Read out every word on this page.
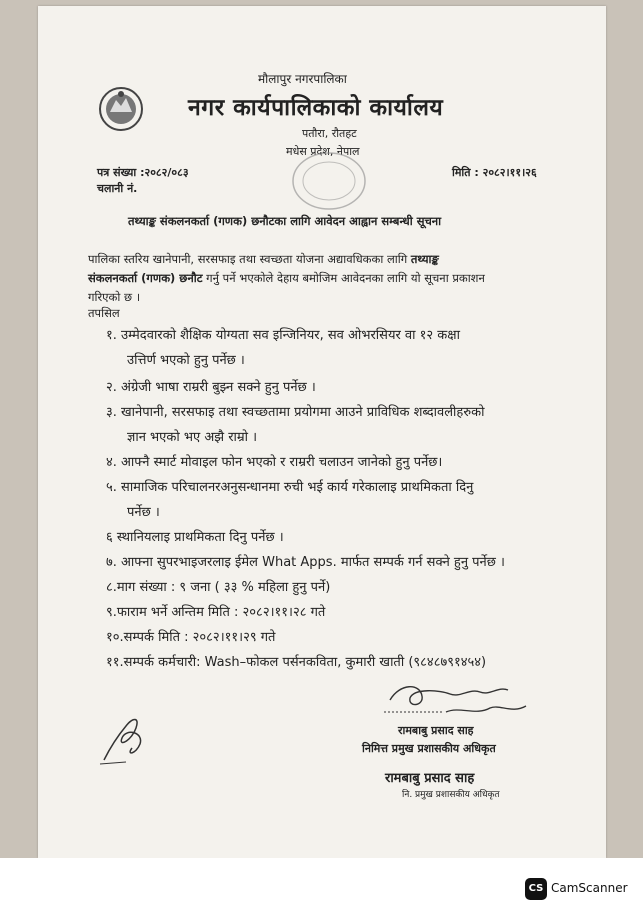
मौलापुर नगरपालिका
नगर कार्यपालिकाको कार्यालय
पतौरा, रौतहट
मधेस प्रदेश, नेपाल
पत्र संख्या :२०८२/०८३
चलानी नं.
मिति : २०८२।११।२६
तथ्याङ्क संकलनकर्ता (गणक) छनौटका लागि आवेदन आह्वान सम्बन्धी सूचना
पालिका स्तरिय खानेपानी, सरसफाइ तथा स्वच्छता योजना अद्यावधिकका लागि तथ्याङ्क
संकलनकर्ता (गणक) छनौट गर्नु पर्ने भएकोले देहाय बमोजिम आवेदनका लागि यो सूचना प्रकाशन
गरिएको छ ।
तपसिल
१. उम्मेदवारको शैक्षिक योग्यता सव इन्जिनियर, सव ओभरसियर वा १२ कक्षा
उत्तिर्ण भएको हुनु पर्नेछ ।
२. अंग्रेजी भाषा राम्ररी बुझ्न सक्ने हुनु पर्नेछ ।
३. खानेपानी, सरसफाइ तथा स्वच्छतामा प्रयोगमा आउने प्राविधिक शब्दावलीहरुको
ज्ञान भएको भए अझै राम्रो ।
४. आफ्नै स्मार्ट मोवाइल फोन भएको र राम्ररी चलाउन जानेको हुनु पर्नेछ।
५. सामाजिक परिचालनरअनुसन्धानमा रुची भई कार्य गरेकालाइ प्राथमिकता दिनु
पर्नेछ ।
६ स्थानियलाइ प्राथमिकता दिनु पर्नेछ ।
७. आफ्ना सुपरभाइजरलाइ ईमेल What Apps. मार्फत सम्पर्क गर्न सक्ने हुनु पर्नेछ ।
८.माग संख्या : ९ जना ( ३३ % महिला हुनु पर्ने)
९.फाराम भर्ने अन्तिम मिति : २०८२।११।२८ गते
१०.सम्पर्क मिति : २०८२।११।२९ गते
११.सम्पर्क कर्मचारी: Wash–फोकल पर्सनकविता, कुमारी खाती (९८४८७९१४५४)
रामबाबु प्रसाद साह
निमित्त प्रमुख प्रशासकीय अधिकृत
रामबाबु प्रसाद साह
नि. प्रमुख प्रशासकीय अधिकृत
CS CamScanner
